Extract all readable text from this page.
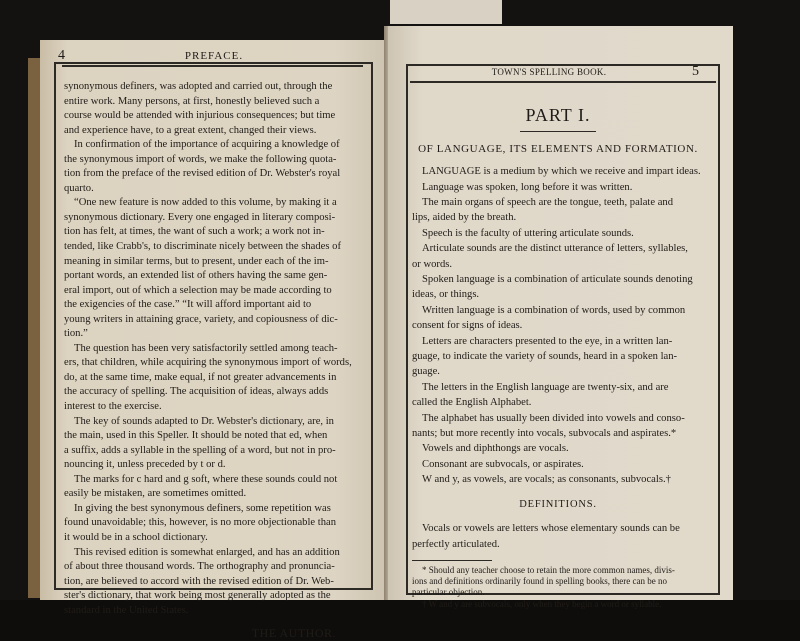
4	PREFACE.
synonymous definers, was adopted and carried out, through the
entire work. Many persons, at first, honestly believed such a
course would be attended with injurious consequences; but time
and experience have, to a great extent, changed their views.
In confirmation of the importance of acquiring a knowledge of
the synonymous import of words, we make the following quota-
tion from the preface of the revised edition of Dr. Webster's royal
quarto.
“One new feature is now added to this volume, by making it a
synonymous dictionary. Every one engaged in literary composi-
tion has felt, at times, the want of such a work; a work not in-
tended, like Crabb's, to discriminate nicely between the shades of
meaning in similar terms, but to present, under each of the im-
portant words, an extended list of others having the same gen-
eral import, out of which a selection may be made according to
the exigencies of the case.” “It will afford important aid to
young writers in attaining grace, variety, and copiousness of dic-
tion.”
The question has been very satisfactorily settled among teach-
ers, that children, while acquiring the synonymous import of words,
do, at the same time, make equal, if not greater advancements in
the accuracy of spelling. The acquisition of ideas, always adds
interest to the exercise.
The key of sounds adapted to Dr. Webster's dictionary, are, in
the main, used in this Speller. It should be noted that ed, when
a suffix, adds a syllable in the spelling of a word, but not in pro-
nouncing it, unless preceded by t or d.
The marks for c hard and g soft, where these sounds could not
easily be mistaken, are sometimes omitted.
In giving the best synonymous definers, some repetition was
found unavoidable; this, however, is no more objectionable than
it would be in a school dictionary.
This revised edition is somewhat enlarged, and has an addition
of about three thousand words. The orthography and pronuncia-
tion, are believed to accord with the revised edition of Dr. Web-
ster's dictionary, that work being most generally adopted as the
standard in the United States.
THE AUTHOR.
TOWN'S SPELLING BOOK.	5
PART I.
OF LANGUAGE, ITS ELEMENTS AND FORMATION.
LANGUAGE is a medium by which we receive and impart ideas.
Language was spoken, long before it was written.
The main organs of speech are the tongue, teeth, palate and
lips, aided by the breath.
Speech is the faculty of uttering articulate sounds.
Articulate sounds are the distinct utterance of letters, syllables,
or words.
Spoken language is a combination of articulate sounds denoting
ideas, or things.
Written language is a combination of words, used by common
consent for signs of ideas.
Letters are characters presented to the eye, in a written lan-
guage, to indicate the variety of sounds, heard in a spoken lan-
guage.
The letters in the English language are twenty-six, and are
called the English Alphabet.
The alphabet has usually been divided into vowels and conso-
nants; but more recently into vocals, subvocals and aspirates.*
Vowels and diphthongs are vocals.
Consonant are subvocals, or aspirates.
W and y, as vowels, are vocals; as consonants, subvocals.†
DEFINITIONS.
Vocals or vowels are letters whose elementary sounds can be
perfectly articulated.
* Should any teacher choose to retain the more common names, divis-
ions and definitions ordinarily found in spelling books, there can be no
particular objection.
† W and y are subvocals, only when they begin a word or syllable.
